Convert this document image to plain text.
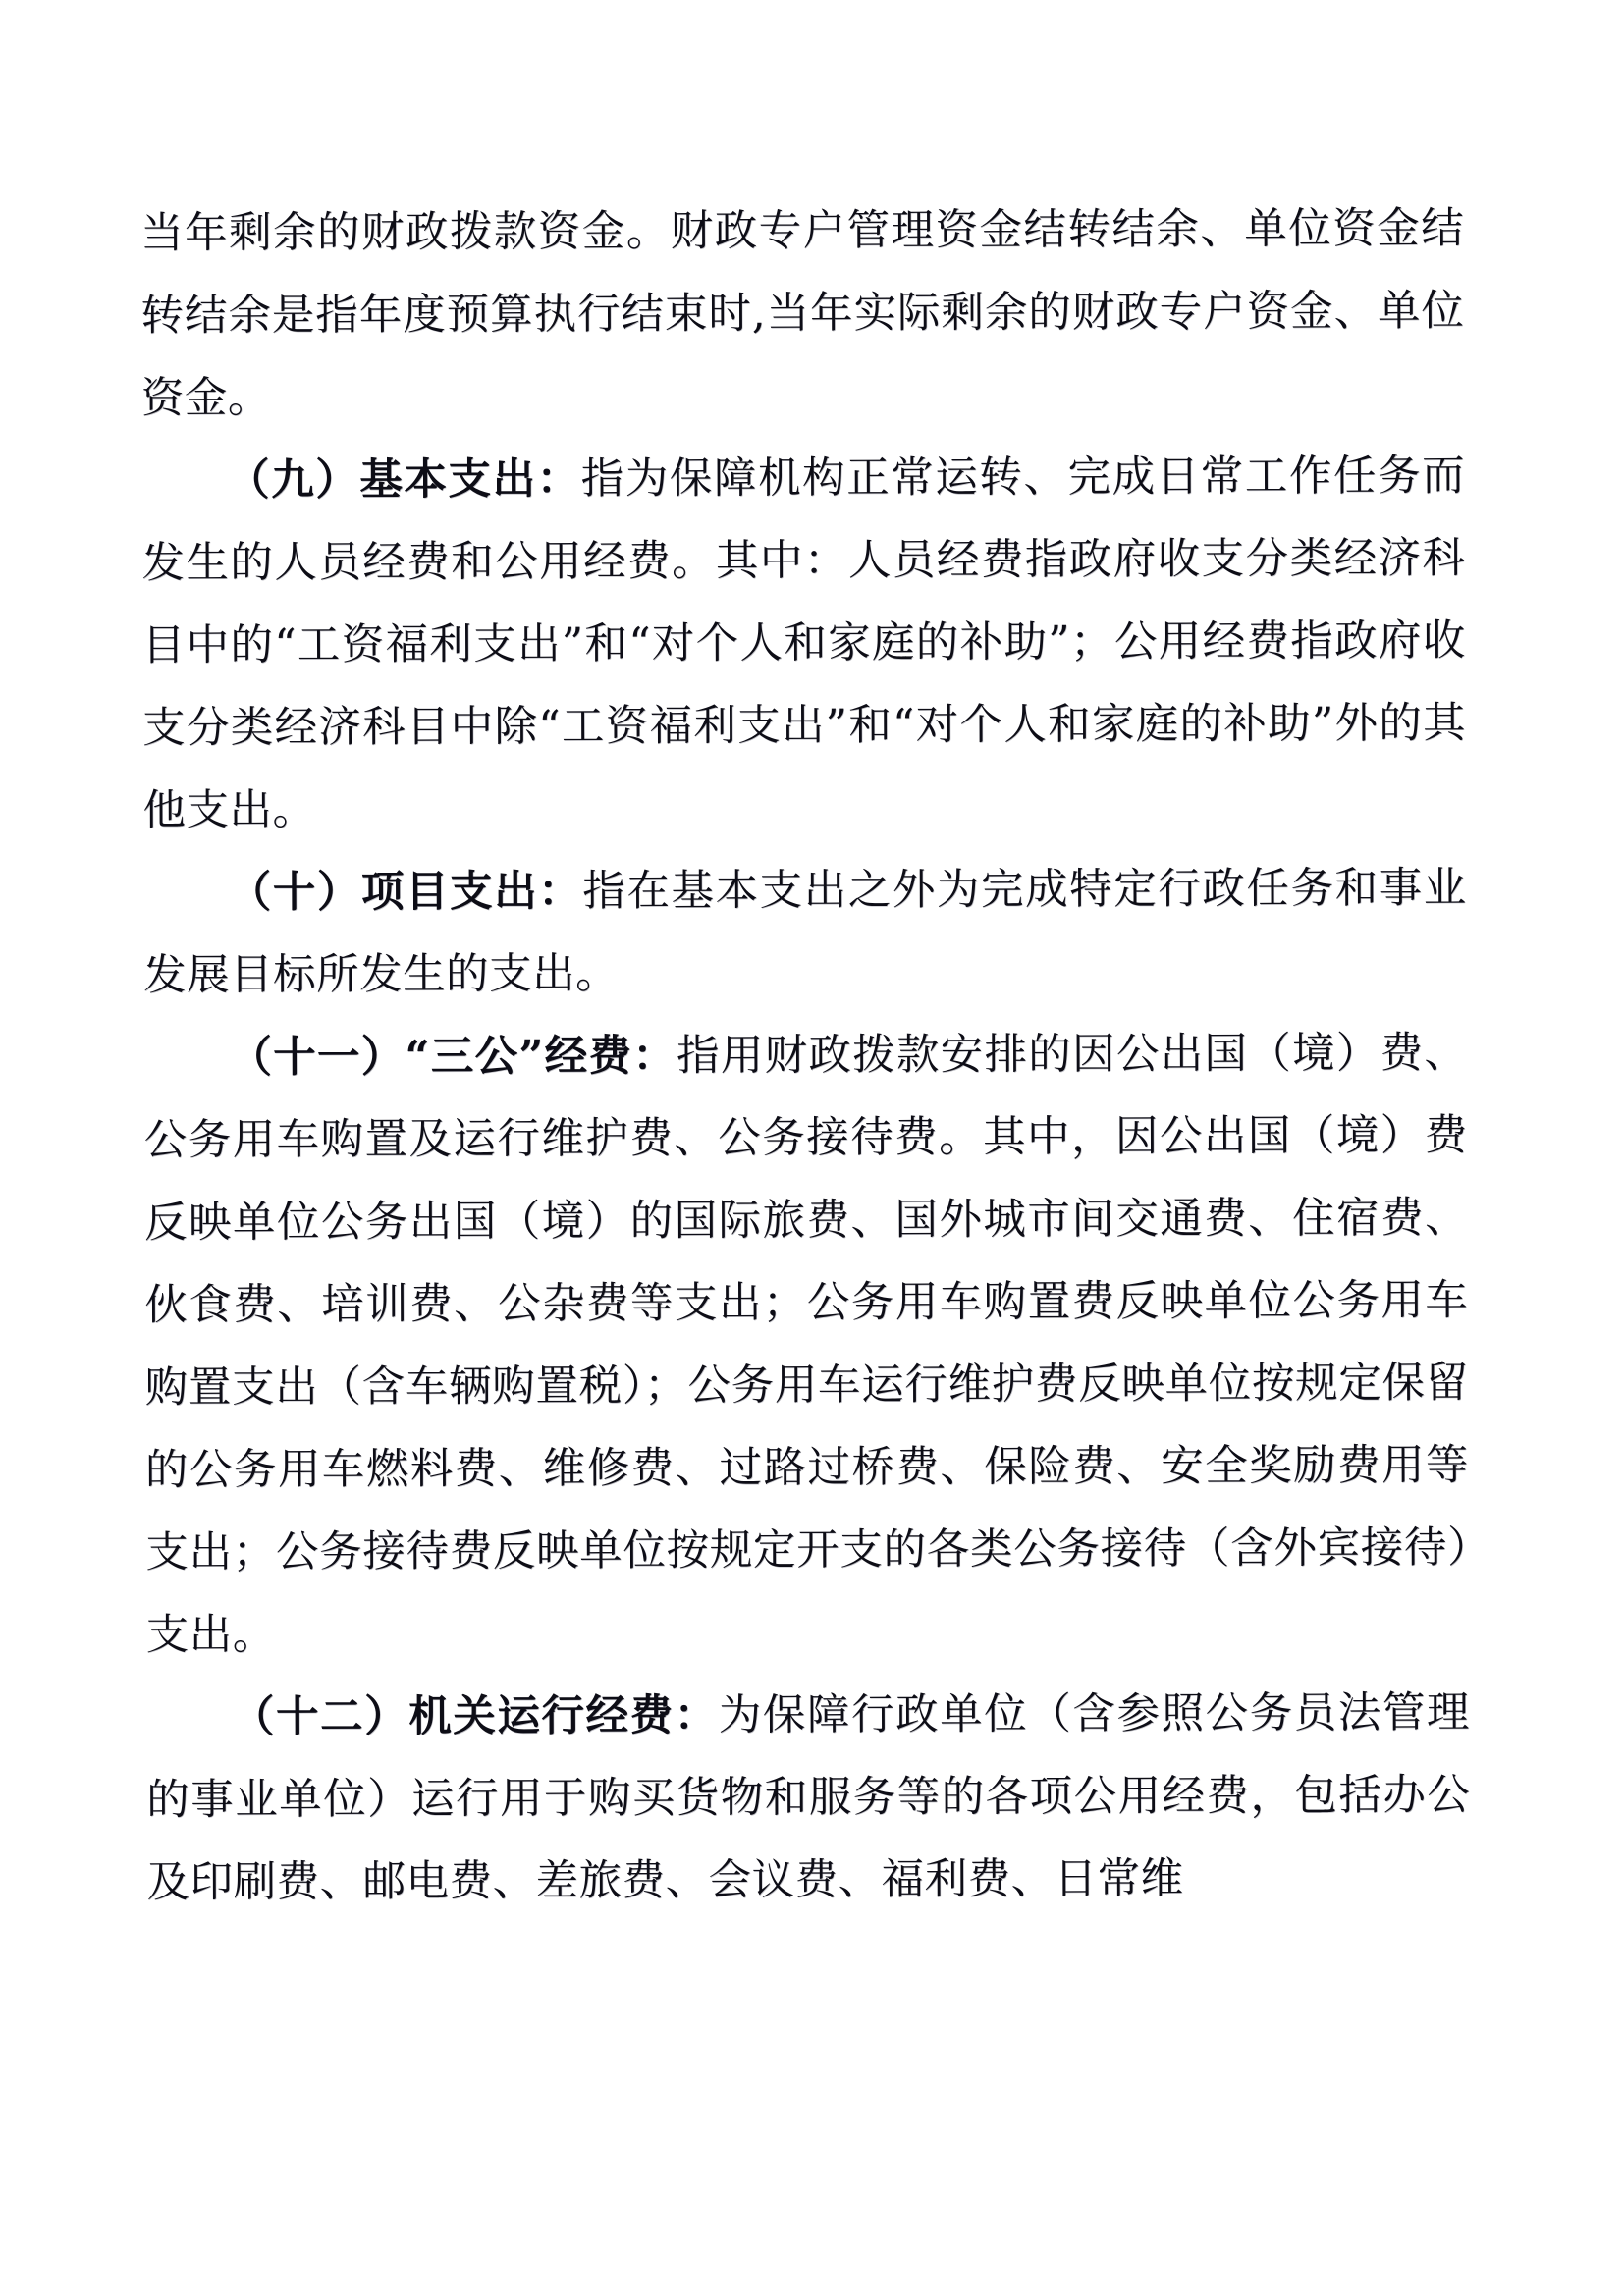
当年剩余的财政拨款资金。财政专户管理资金结转结余、单位资金结转结余是指年度预算执行结束时,当年实际剩余的财政专户资金、单位资金。

（九）基本支出：指为保障机构正常运转、完成日常工作任务而发生的人员经费和公用经费。其中：人员经费指政府收支分类经济科目中的“工资福利支出”和“对个人和家庭的补助”；公用经费指政府收支分类经济科目中除“工资福利支出”和“对个人和家庭的补助”外的其他支出。

（十）项目支出：指在基本支出之外为完成特定行政任务和事业发展目标所发生的支出。

（十一）“三公”经费：指用财政拨款安排的因公出国（境）费、公务用车购置及运行维护费、公务接待费。其中，因公出国（境）费反映单位公务出国（境）的国际旅费、国外城市间交通费、住宿费、伙食费、培训费、公杂费等支出；公务用车购置费反映单位公务用车购置支出（含车辆购置税）；公务用车运行维护费反映单位按规定保留的公务用车燃料费、维修费、过路过桥费、保险费、安全奖励费用等支出；公务接待费反映单位按规定开支的各类公务接待（含外宾接待）支出。

（十二）机关运行经费：为保障行政单位（含参照公务员法管理的事业单位）运行用于购买货物和服务等的各项公用经费，包括办公及印刷费、邮电费、差旅费、会议费、福利费、日常维
